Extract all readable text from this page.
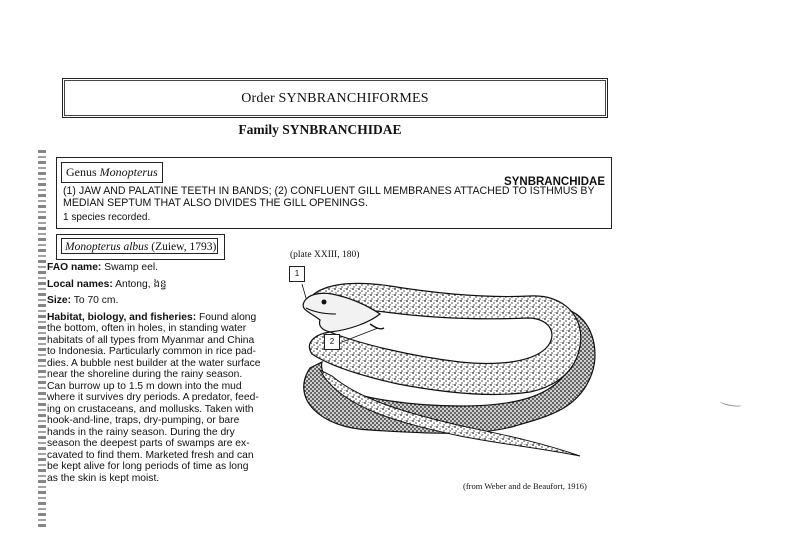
Order SYNBRANCHIFORMES
Family SYNBRANCHIDAE
Genus Monopterus
SYNBRANCHIDAE
(1) JAW AND PALATINE TEETH IN BANDS; (2) CONFLUENT GILL MEMBRANES ATTACHED TO ISTHMUS BY
MEDIAN SEPTUM THAT ALSO DIVIDES THE GILL OPENINGS.
1 species recorded.
Monopterus albus (Zuiew, 1793)
FAO name: Swamp eel.
Local names: Antong, ងន្ទ
Size: To 70 cm.
Habitat, biology, and fisheries: Found along
the bottom, often in holes, in standing water
habitats of all types from Myanmar and China
to Indonesia. Particularly common in rice pad-
dies. A bubble nest builder at the water surface
near the shoreline during the rainy season.
Can burrow up to 1.5 m down into the mud
where it survives dry periods. A predator, feed-
ing on crustaceans, and mollusks. Taken with
hook-and-line, traps, dry-pumping, or bare
hands in the rainy season. During the dry
season the deepest parts of swamps are ex-
cavated to find them. Marketed fresh and can
be kept alive for long periods of time as long
as the skin is kept moist.
(plate XXIII, 180)
1
2
(from Weber and de Beaufort, 1916)
